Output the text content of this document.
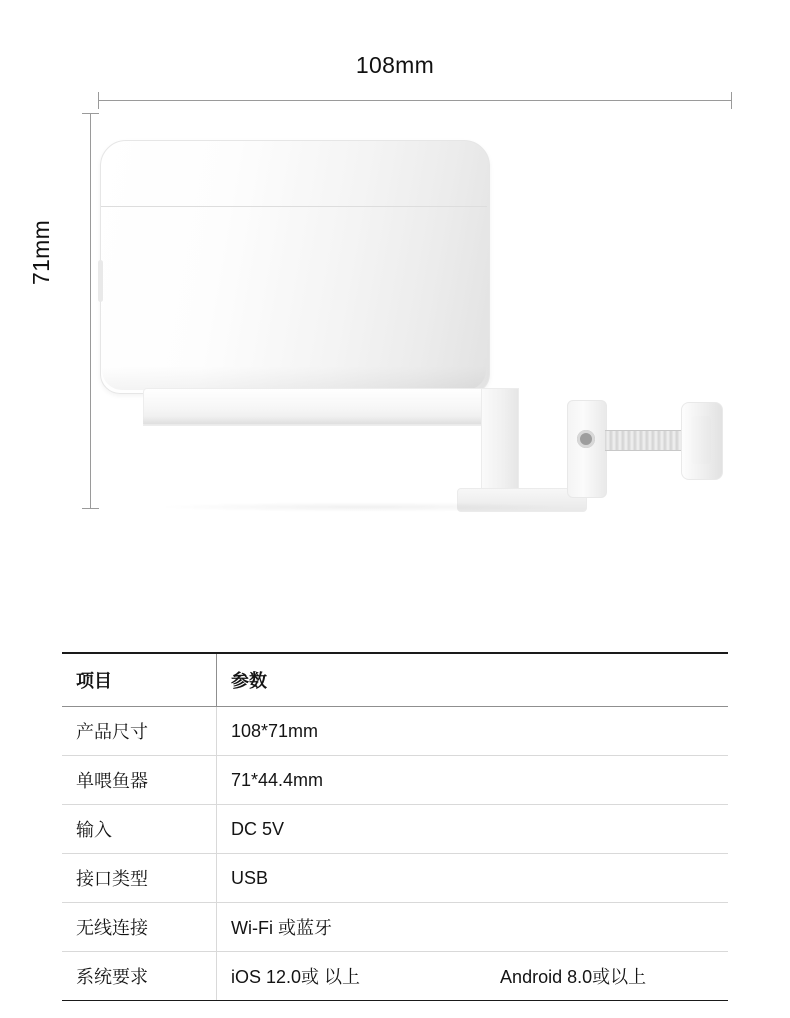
108mm
71mm
项目	参数
产品尺寸	108*71mm
单喂鱼器	71*44.4mm
输入	DC 5V
接口类型	USB
无线连接	Wi-Fi 或蓝牙
系统要求	iOS 12.0或 以上 Android 8.0或以上
